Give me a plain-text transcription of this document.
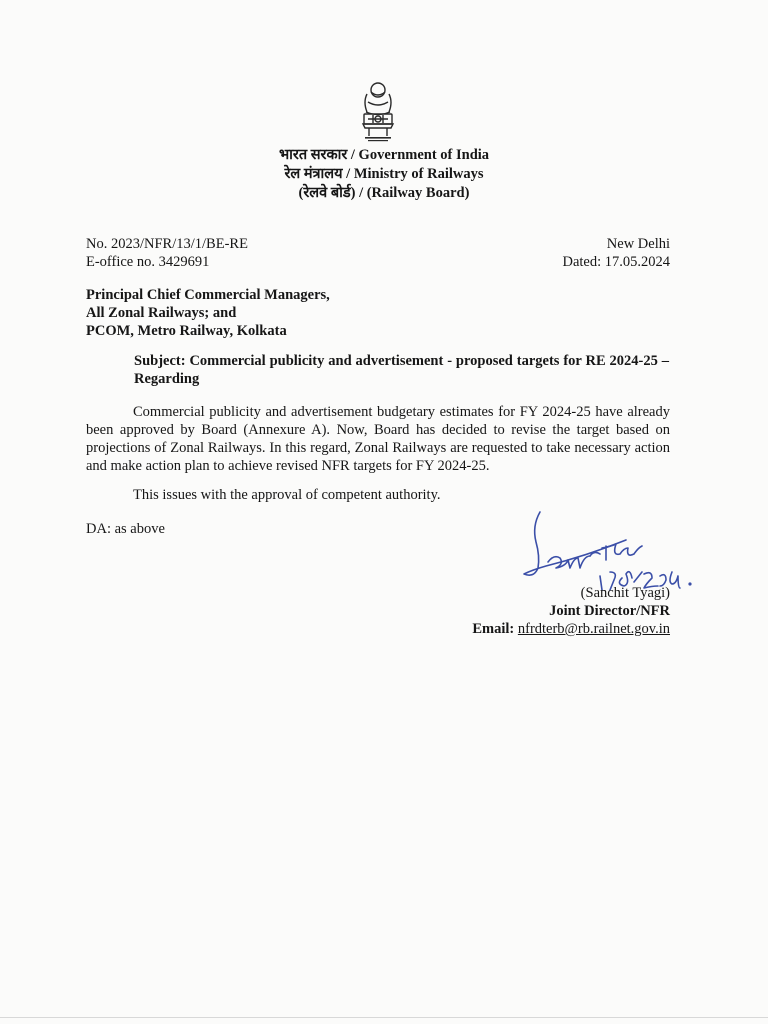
भारत सरकार / Government of India
रेल मंत्रालय / Ministry of Railways
(रेलवे बोर्ड) / (Railway Board)
No. 2023/NFR/13/1/BE-RE
E-office no. 3429691
New Delhi
Dated: 17.05.2024
Principal Chief Commercial Managers,
All Zonal Railways; and
PCOM, Metro Railway, Kolkata
Subject: Commercial publicity and advertisement - proposed targets for RE 2024-25 – Regarding
Commercial publicity and advertisement budgetary estimates for FY 2024-25 have already been approved by Board (Annexure A). Now, Board has decided to revise the target based on projections of Zonal Railways. In this regard, Zonal Railways are requested to take necessary action and make action plan to achieve revised NFR targets for FY 2024-25.
This issues with the approval of competent authority.
DA: as above
(Sanchit Tyagi)
Joint Director/NFR
Email: nfrdterb@rb.railnet.gov.in
